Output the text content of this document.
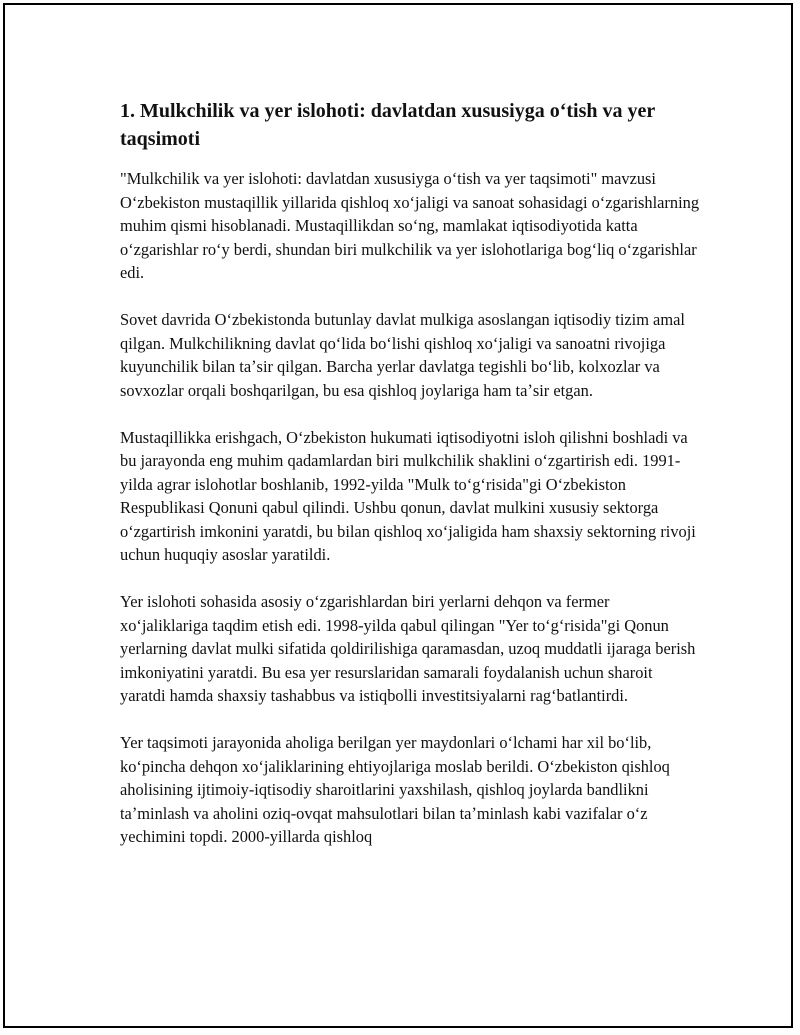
1. Mulkchilik va yer islohoti: davlatdan xususiyga oʻtish va yer taqsimoti

"Mulkchilik va yer islohoti: davlatdan xususiyga oʻtish va yer taqsimoti" mavzusi Oʻzbekiston mustaqillik yillarida qishloq xoʻjaligi va sanoat sohasidagi oʻzgarishlarning muhim qismi hisoblanadi. Mustaqillikdan soʻng, mamlakat iqtisodiyotida katta oʻzgarishlar roʻy berdi, shundan biri mulkchilik va yer islohotlariga bogʻliq oʻzgarishlar edi.

Sovet davrida Oʻzbekistonda butunlay davlat mulkiga asoslangan iqtisodiy tizim amal qilgan. Mulkchilikning davlat qoʻlida boʻlishi qishloq xoʻjaligi va sanoatni rivojiga kuyunchilik bilan taʼsir qilgan. Barcha yerlar davlatga tegishli boʻlib, kolxozlar va sovxozlar orqali boshqarilgan, bu esa qishloq joylariga ham taʼsir etgan.

Mustaqillikka erishgach, Oʻzbekiston hukumati iqtisodiyotni isloh qilishni boshladi va bu jarayonda eng muhim qadamlardan biri mulkchilik shaklini oʻzgartirish edi. 1991-yilda agrar islohotlar boshlanib, 1992-yilda "Mulk toʻgʻrisida"gi Oʻzbekiston Respublikasi Qonuni qabul qilindi. Ushbu qonun, davlat mulkini xususiy sektorga oʻzgartirish imkonini yaratdi, bu bilan qishloq xoʻjaligida ham shaxsiy sektorning rivoji uchun huquqiy asoslar yaratildi.

Yer islohoti sohasida asosiy oʻzgarishlardan biri yerlarni dehqon va fermer xoʻjaliklariga taqdim etish edi. 1998-yilda qabul qilingan "Yer toʻgʻrisida"gi Qonun yerlarning davlat mulki sifatida qoldirilishiga qaramasdan, uzoq muddatli ijaraga berish imkoniyatini yaratdi. Bu esa yer resurslaridan samarali foydalanish uchun sharoit yaratdi hamda shaxsiy tashabbus va istiqbolli investitsiyalarni ragʻbatlantirdi.

Yer taqsimoti jarayonida aholiga berilgan yer maydonlari oʻlchami har xil boʻlib, koʻpincha dehqon xoʻjaliklarining ehtiyojlariga moslab berildi. Oʻzbekiston qishloq aholisining ijtimoiy-iqtisodiy sharoitlarini yaxshilash, qishloq joylarda bandlikni taʼminlash va aholini oziq-ovqat mahsulotlari bilan taʼminlash kabi vazifalar oʻz yechimini topdi. 2000-yillarda qishloq
